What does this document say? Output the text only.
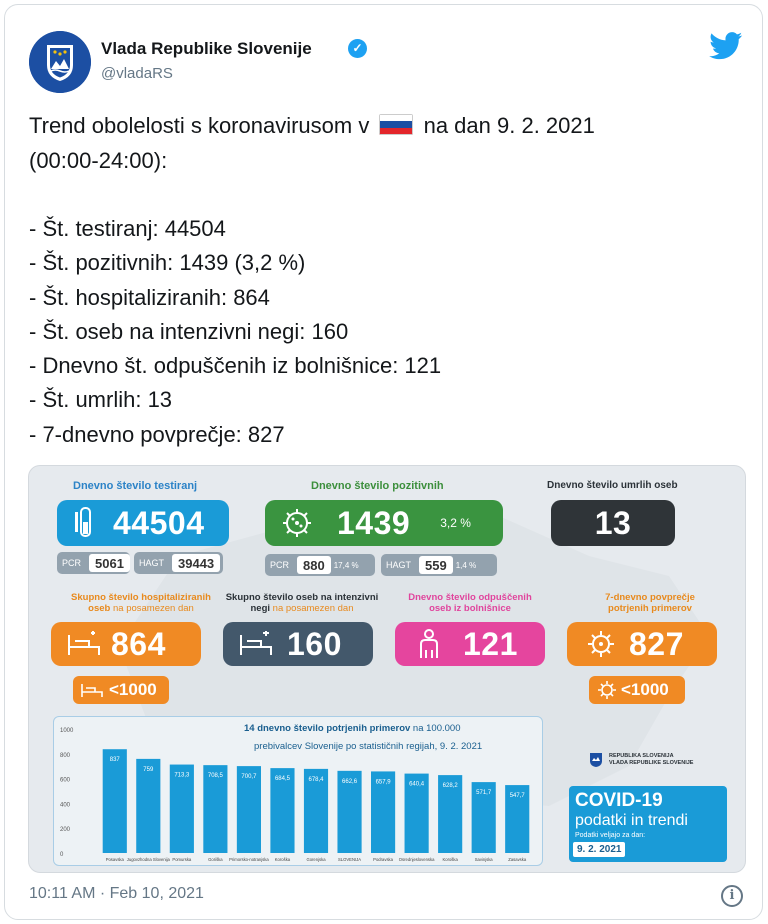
Vlada Republike Slovenije	✓
@vladaRS
Trend obolelosti s koronavirusom v na dan 9. 2. 2021
(00:00-24:00):
- Št. testiranj: 44504
- Št. pozitivnih: 1439 (3,2 %)
- Št. hospitaliziranih: 864
- Št. oseb na intenzivni negi: 160
- Dnevno št. odpuščenih iz bolnišnice: 121
- Št. umrlih: 13
- 7-dnevno povprečje: 827
Dnevno število testiranj
44504
PCR	5061	HAGT	39443
Dnevno število pozitivnih
1439	3,2 %
PCR	880	17,4 %	HAGT	559	1,4 %
Dnevno število umrlih oseb
13
Skupno število hospitaliziranih
oseb na posamezen dan
Skupno število oseb na intenzivni
negi na posamezen dan
Dnevno število odpuščenih
oseb iz bolnišnice
7-dnevno povprečje
potrjenih primerov
864	160	121	827
<1000	<1000
14 dnevno število potrjenih primerov na 100.000
prebivalcev Slovenije po statističnih regijah, 9. 2. 2021
1000
800
600
400
200
0
837
Posavska
759
Jugovzhodna Slovenija
713,3
Pomurska
708,5
Goriška
700,7
Primorsko-notranjska
684,5
Koroška
678,4
Gorenjska
662,6
SLOVENIJA
657,9
Podravska
640,4
Osrednjeslovenska
628,2
Koroška
571,7
Savinjska
547,7
Zasavska
REPUBLIKA SLOVENIJA
VLADA REPUBLIKE SLOVENIJE
COVID-19
podatki in trendi
Podatki veljajo za dan:
9. 2. 2021
10:11 AM · Feb 10, 2021	i
